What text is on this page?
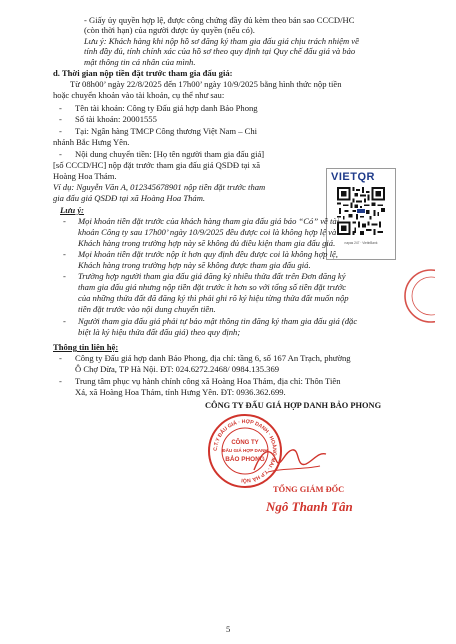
- Giấy ủy quyền hợp lệ, được công chứng đầy đủ kèm theo bản sao CCCD/HC
(còn thời hạn) của người được ủy quyền (nếu có).
Lưu ý: Khách hàng khi nộp hồ sơ đăng ký tham gia đấu giá chịu trách nhiệm về
tính đầy đủ, tính chính xác của hồ sơ theo quy định tại Quy chế đấu giá và bảo
mật thông tin cá nhân của mình.
d. Thời gian nộp tiền đặt trước tham gia đấu giá:
Từ 08h00’ ngày 22/8/2025 đến 17h00’ ngày 10/9/2025 bằng hình thức nộp tiền
hoặc chuyển khoản vào tài khoản, cụ thể như sau:
- Tên tài khoản: Công ty Đấu giá hợp danh Bảo Phong
- Số tài khoản: 20001555
- Tại: Ngân hàng TMCP Công thương Việt Nam – Chi
nhánh Bắc Hưng Yên.
- Nội dung chuyển tiền: [Họ tên người tham gia đấu giá]
[số CCCD/HC] nộp đặt trước tham gia đấu giá QSDĐ tại xã
Hoàng Hoa Thám.
Ví dụ: Nguyễn Văn A, 012345678901 nộp tiền đặt trước tham
gia đấu giá QSDĐ tại xã Hoàng Hoa Thám.
VIETQR
napas 247 · VietinBank
Lưu ý:
- Mọi khoản tiền đặt trước của khách hàng tham gia đấu giá báo “Có” về tài
khoản Công ty sau 17h00’ ngày 10/9/2025 đều được coi là không hợp lệ và
Khách hàng trong trường hợp này sẽ không đủ điều kiện tham gia đấu giá.
- Mọi khoản tiền đặt trước nộp ít hơn quy định đều được coi là không hợp lệ,
Khách hàng trong trường hợp này sẽ không được tham gia đấu giá.
- Trường hợp người tham gia đấu giá đăng ký nhiều thửa đất trên Đơn đăng ký
tham gia đấu giá nhưng nộp tiền đặt trước ít hơn so với tổng số tiền đặt trước
của những thửa đất đã đăng ký thì phải ghi rõ ký hiệu từng thửa đất muốn nộp
tiền đặt trước vào nội dung chuyển tiền.
- Người tham gia đấu giá phải tự bảo mật thông tin đăng ký tham gia đấu giá (đặc
biệt là ký hiệu thửa đất đấu giá) theo quy định;
Thông tin liên hệ:
- Công ty Đấu giá hợp danh Bảo Phong, địa chỉ: tầng 6, số 167 An Trạch, phường
Ô Chợ Dừa, TP Hà Nội. ĐT: 024.6272.2468/ 0984.135.369
- Trung tâm phục vụ hành chính công xã Hoàng Hoa Thám, địa chỉ: Thôn Tiên
Xá, xã Hoàng Hoa Thám, tỉnh Hưng Yên. ĐT: 0936.362.699.
CÔNG TY ĐẤU GIÁ HỢP DANH BẢO PHONG
C.T.Y ĐẤU GIÁ · HỢP DANH · HOÀNG MAI · T.P HÀ NỘI
CÔNG TY
ĐẤU GIÁ HỢP DANH
BẢO PHONG
TỔNG GIÁM ĐỐC
Ngô Thanh Tân
5
